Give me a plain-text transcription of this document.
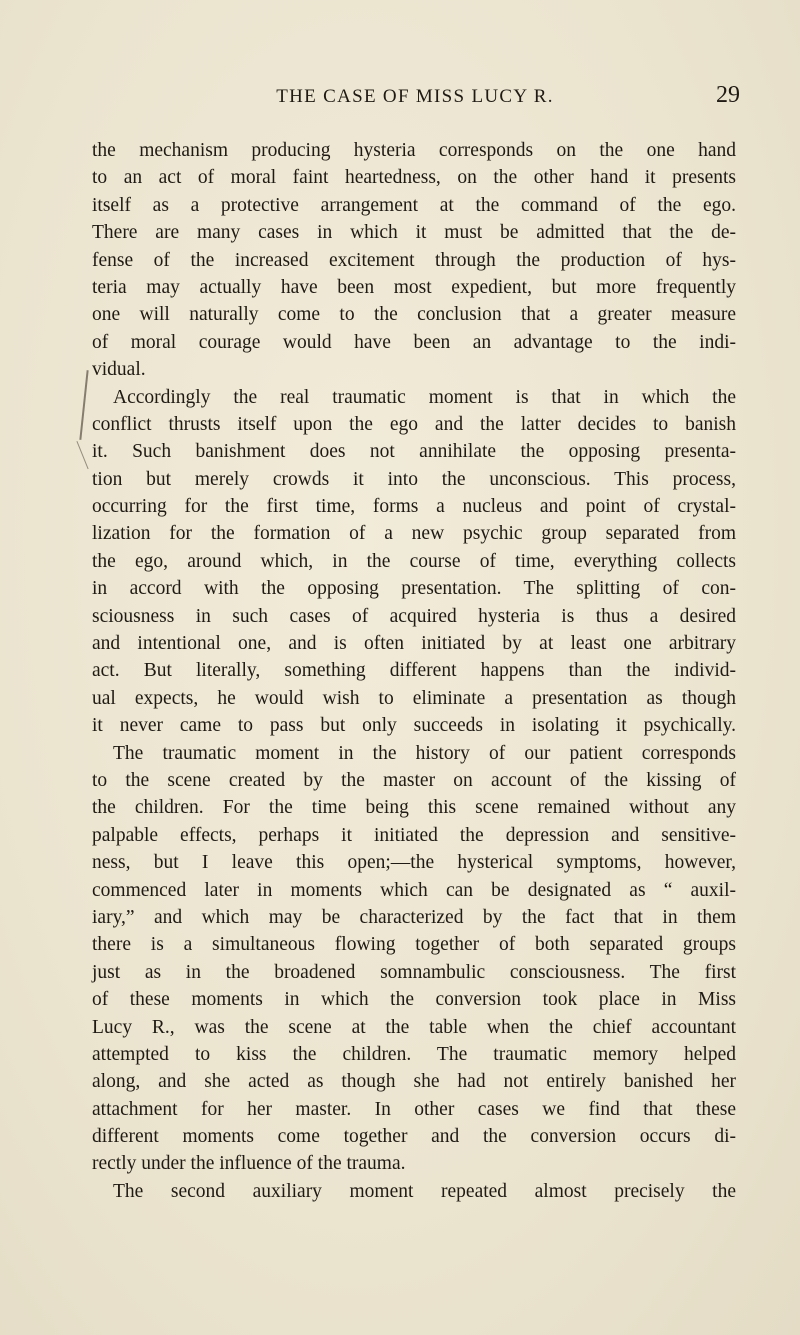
THE CASE OF MISS LUCY R.	29
the mechanism producing hysteria corresponds on the one hand
to an act of moral faint heartedness, on the other hand it presents
itself as a protective arrangement at the command of the ego.
There are many cases in which it must be admitted that the de-
fense of the increased excitement through the production of hys-
teria may actually have been most expedient, but more frequently
one will naturally come to the conclusion that a greater measure
of moral courage would have been an advantage to the indi-
vidual.
Accordingly the real traumatic moment is that in which the
conflict thrusts itself upon the ego and the latter decides to banish
it. Such banishment does not annihilate the opposing presenta-
tion but merely crowds it into the unconscious. This process,
occurring for the first time, forms a nucleus and point of crystal-
lization for the formation of a new psychic group separated from
the ego, around which, in the course of time, everything collects
in accord with the opposing presentation. The splitting of con-
sciousness in such cases of acquired hysteria is thus a desired
and intentional one, and is often initiated by at least one arbitrary
act. But literally, something different happens than the individ-
ual expects, he would wish to eliminate a presentation as though
it never came to pass but only succeeds in isolating it psychically.
The traumatic moment in the history of our patient corresponds
to the scene created by the master on account of the kissing of
the children. For the time being this scene remained without any
palpable effects, perhaps it initiated the depression and sensitive-
ness, but I leave this open;—the hysterical symptoms, however,
commenced later in moments which can be designated as “ auxil-
iary,” and which may be characterized by the fact that in them
there is a simultaneous flowing together of both separated groups
just as in the broadened somnambulic consciousness. The first
of these moments in which the conversion took place in Miss
Lucy R., was the scene at the table when the chief accountant
attempted to kiss the children. The traumatic memory helped
along, and she acted as though she had not entirely banished her
attachment for her master. In other cases we find that these
different moments come together and the conversion occurs di-
rectly under the influence of the trauma.
The second auxiliary moment repeated almost precisely the
